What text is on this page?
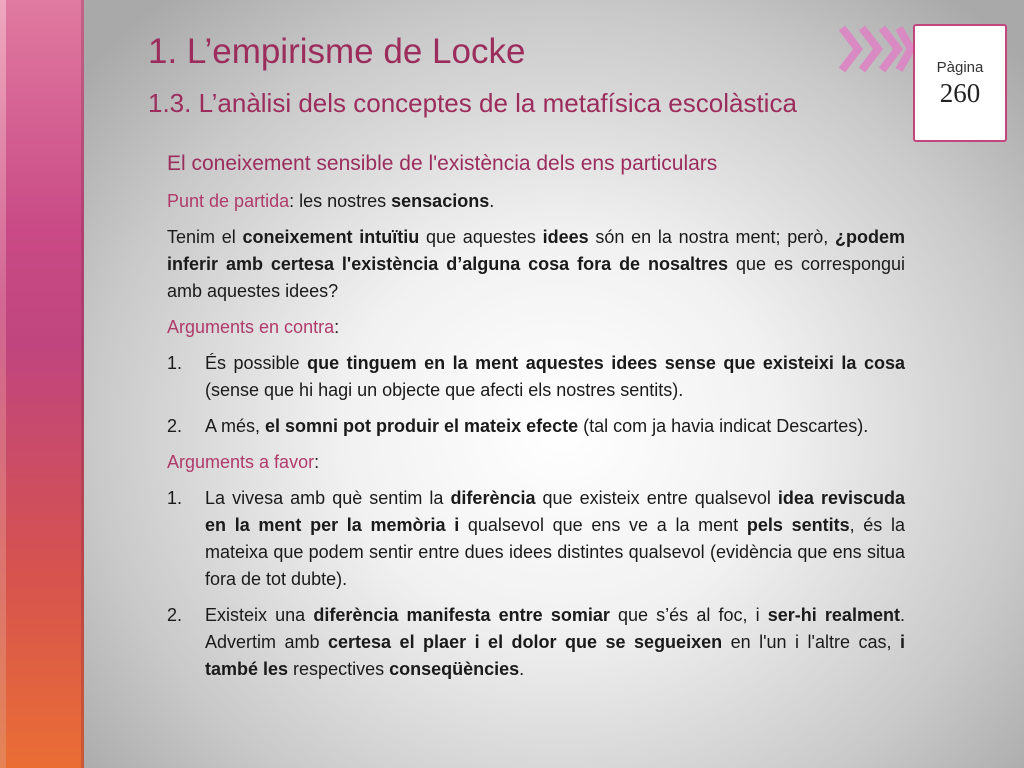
Pàgina
260
1. L’empirisme de Locke
1.3. L’anàlisi dels conceptes de la metafísica escolàstica
El coneixement sensible de l'existència dels ens particulars

Punt de partida: les nostres sensacions.

Tenim el coneixement intuïtiu que aquestes idees són en la nostra ment; però, ¿podem inferir amb certesa l'existència d’alguna cosa fora de nosaltres que es correspongui amb aquestes idees?

Arguments en contra:

1.	És possible que tinguem en la ment aquestes idees sense que existeixi la cosa (sense que hi hagi un objecte que afecti els nostres sentits).
2.	A més, el somni pot produir el mateix efecte (tal com ja havia indicat Descartes).

Arguments a favor:

1.	La vivesa amb què sentim la diferència que existeix entre qualsevol idea reviscuda en la ment per la memòria i qualsevol que ens ve a la ment pels sentits, és la mateixa que podem sentir entre dues idees distintes qualsevol (evidència que ens situa fora de tot dubte).
2.	Existeix una diferència manifesta entre somiar que s’és al foc, i ser-hi realment. Advertim amb certesa el plaer i el dolor que se segueixen en l'un i l'altre cas, i també les respectives conseqüències.
